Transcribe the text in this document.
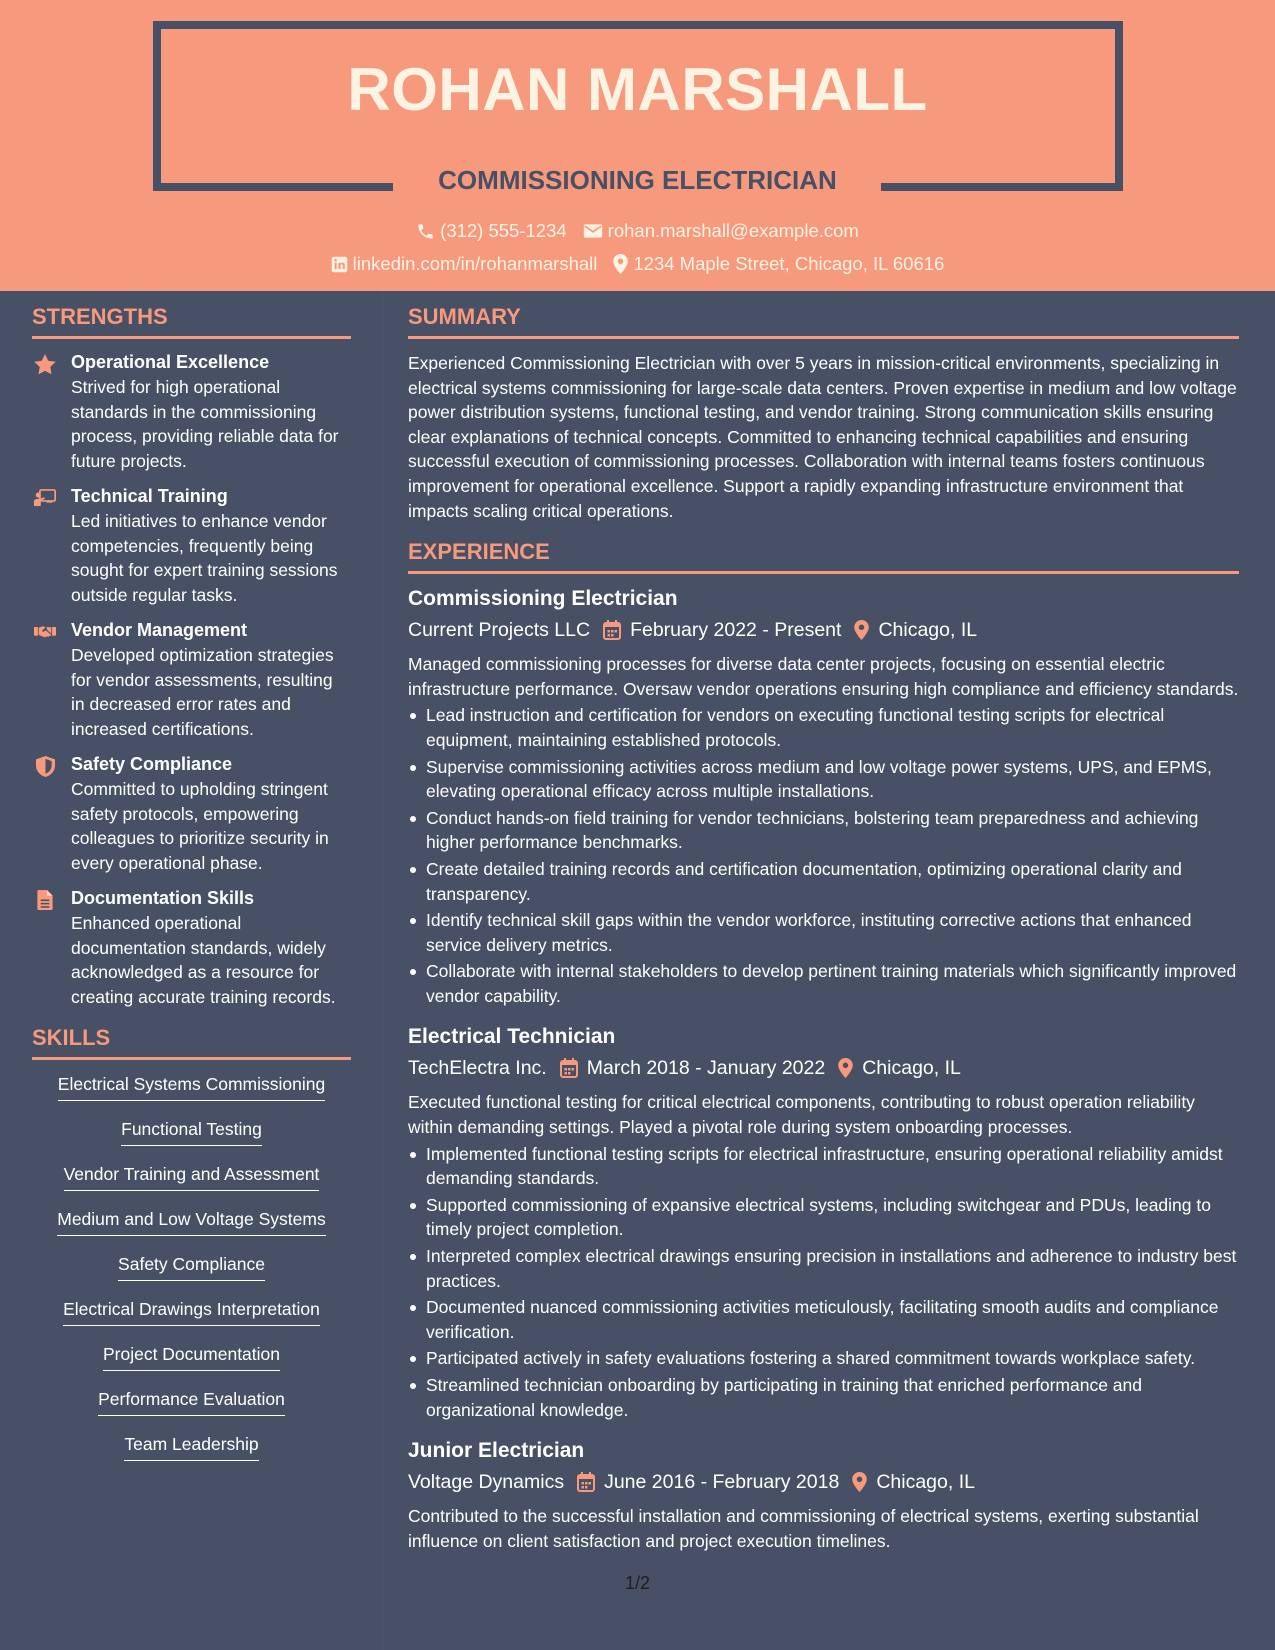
ROHAN MARSHALL
COMMISSIONING ELECTRICIAN
(312) 555-1234 rohan.marshall@example.com
linkedin.com/in/rohanmarshall 1234 Maple Street, Chicago, IL 60616
STRENGTHS
Operational Excellence
Strived for high operational standards in the commissioning process, providing reliable data for future projects.
Technical Training
Led initiatives to enhance vendor competencies, frequently being sought for expert training sessions outside regular tasks.
Vendor Management
Developed optimization strategies for vendor assessments, resulting in decreased error rates and increased certifications.
Safety Compliance
Committed to upholding stringent safety protocols, empowering colleagues to prioritize security in every operational phase.
Documentation Skills
Enhanced operational documentation standards, widely acknowledged as a resource for creating accurate training records.
SKILLS
Electrical Systems Commissioning
Functional Testing
Vendor Training and Assessment
Medium and Low Voltage Systems
Safety Compliance
Electrical Drawings Interpretation
Project Documentation
Performance Evaluation
Team Leadership
SUMMARY

Experienced Commissioning Electrician with over 5 years in mission-critical environments, specializing in electrical systems commissioning for large-scale data centers. Proven expertise in medium and low voltage power distribution systems, functional testing, and vendor training. Strong communication skills ensuring clear explanations of technical concepts. Committed to enhancing technical capabilities and ensuring successful execution of commissioning processes. Collaboration with internal teams fosters continuous improvement for operational excellence. Support a rapidly expanding infrastructure environment that impacts scaling critical operations.

EXPERIENCE
Commissioning Electrician
Current Projects LLC February 2022 - Present Chicago, IL

Managed commissioning processes for diverse data center projects, focusing on essential electric infrastructure performance. Oversaw vendor operations ensuring high compliance and efficiency standards.

Lead instruction and certification for vendors on executing functional testing scripts for electrical equipment, maintaining established protocols.
Supervise commissioning activities across medium and low voltage power systems, UPS, and EPMS, elevating operational efficacy across multiple installations.
Conduct hands-on field training for vendor technicians, bolstering team preparedness and achieving higher performance benchmarks.
Create detailed training records and certification documentation, optimizing operational clarity and transparency.
Identify technical skill gaps within the vendor workforce, instituting corrective actions that enhanced service delivery metrics.
Collaborate with internal stakeholders to develop pertinent training materials which significantly improved vendor capability.
Electrical Technician
TechElectra Inc. March 2018 - January 2022 Chicago, IL

Executed functional testing for critical electrical components, contributing to robust operation reliability within demanding settings. Played a pivotal role during system onboarding processes.

Implemented functional testing scripts for electrical infrastructure, ensuring operational reliability amidst demanding standards.
Supported commissioning of expansive electrical systems, including switchgear and PDUs, leading to timely project completion.
Interpreted complex electrical drawings ensuring precision in installations and adherence to industry best practices.
Documented nuanced commissioning activities meticulously, facilitating smooth audits and compliance verification.
Participated actively in safety evaluations fostering a shared commitment towards workplace safety.
Streamlined technician onboarding by participating in training that enriched performance and organizational knowledge.
Junior Electrician
Voltage Dynamics June 2016 - February 2018 Chicago, IL

Contributed to the successful installation and commissioning of electrical systems, exerting substantial influence on client satisfaction and project execution timelines.

1/2
